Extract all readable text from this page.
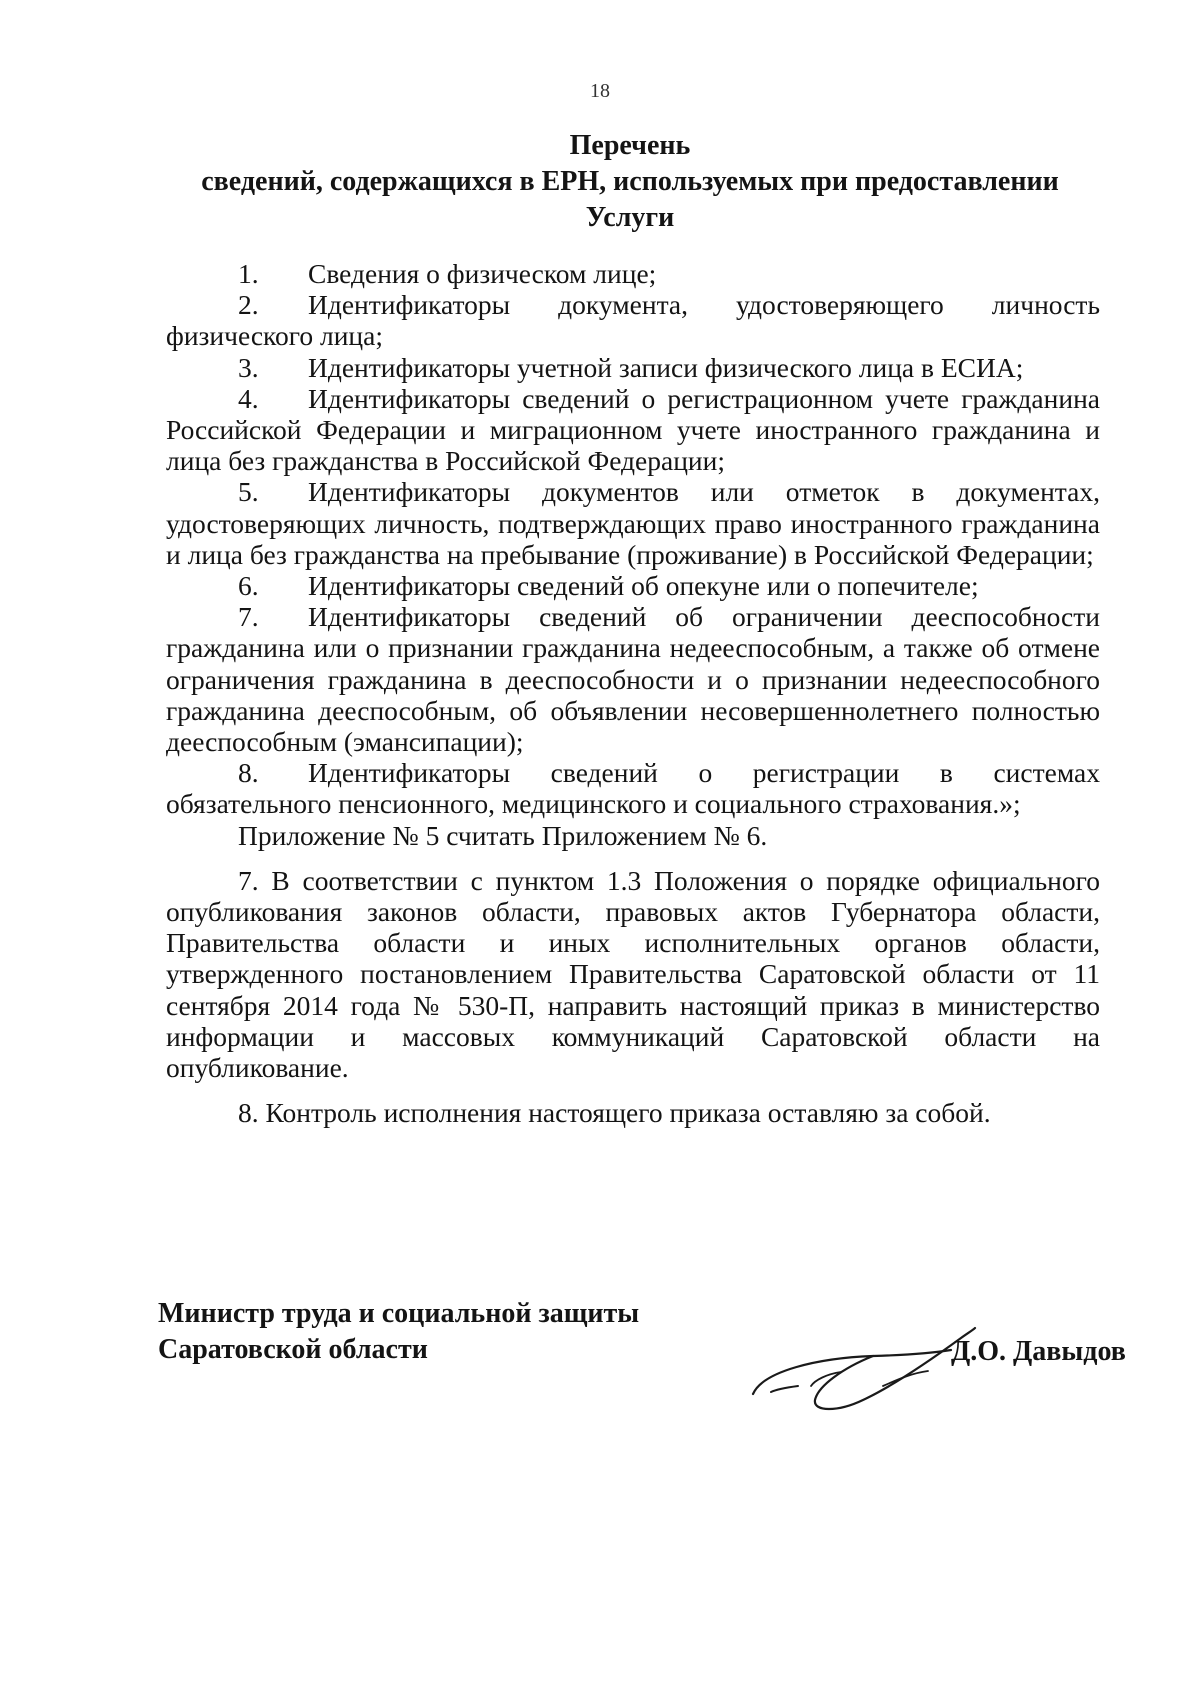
18
Перечень
сведений, содержащихся в ЕРН, используемых при предоставлении
Услуги

1. Сведения о физическом лице;

2. Идентификаторы документа, удостоверяющего личность физического лица;

3. Идентификаторы учетной записи физического лица в ЕСИА;

4. Идентификаторы сведений о регистрационном учете гражданина Российской Федерации и миграционном учете иностранного гражданина и лица без гражданства в Российской Федерации;

5. Идентификаторы документов или отметок в документах, удостоверяющих личность, подтверждающих право иностранного гражданина и лица без гражданства на пребывание (проживание) в Российской Федерации;

6. Идентификаторы сведений об опекуне или о попечителе;

7. Идентификаторы сведений об ограничении дееспособности гражданина или о признании гражданина недееспособным, а также об отмене ограничения гражданина в дееспособности и о признании недееспособного гражданина дееспособным, об объявлении несовершеннолетнего полностью дееспособным (эмансипации);

8. Идентификаторы сведений о регистрации в системах обязательного пенсионного, медицинского и социального страхования.»;

Приложение № 5 считать Приложением № 6.

7. В соответствии с пунктом 1.3 Положения о порядке официального опубликования законов области, правовых актов Губернатора области, Правительства области и иных исполнительных органов области, утвержденного постановлением Правительства Саратовской области от 11 сентября 2014 года № 530-П, направить настоящий приказ в министерство информации и массовых коммуникаций Саратовской области на опубликование.

8. Контроль исполнения настоящего приказа оставляю за собой.

Министр труда и социальной защиты
Саратовской области	Д.О. Давыдов
